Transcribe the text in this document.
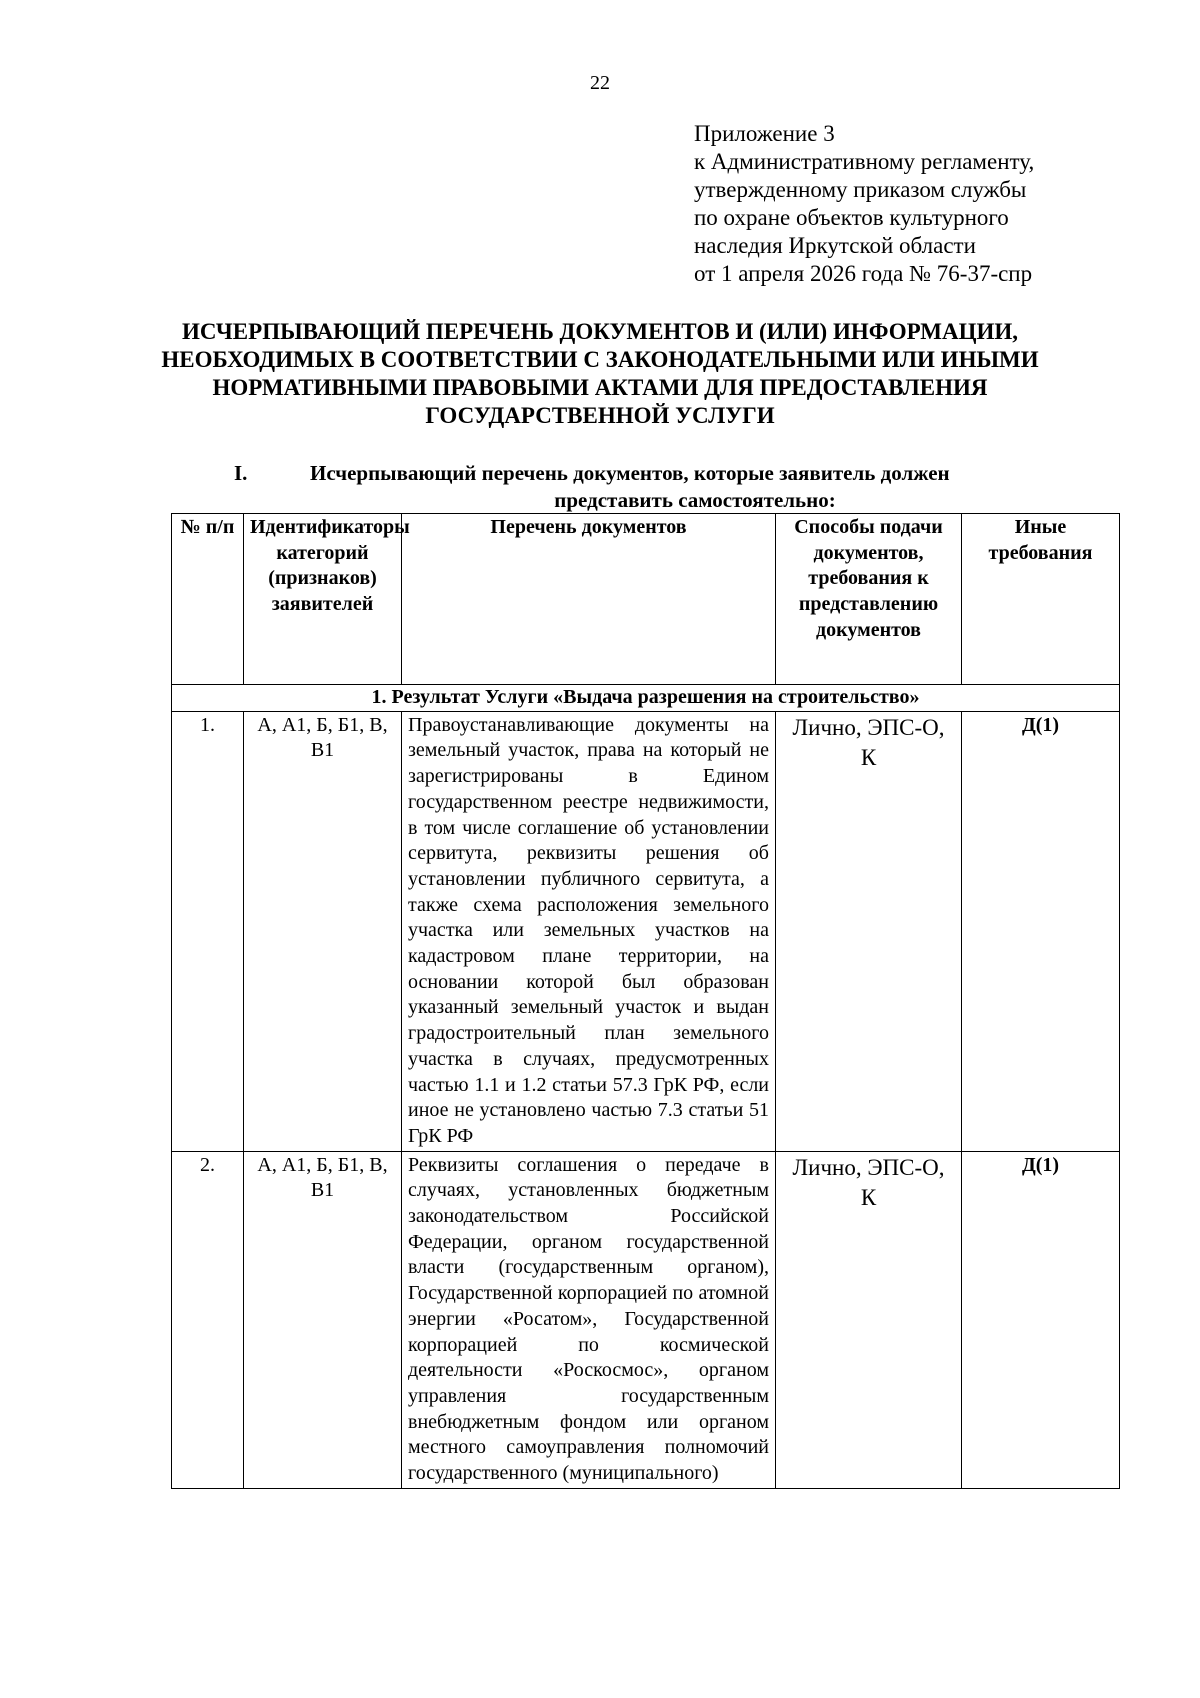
22
Приложение 3
к Административному регламенту,
утвержденному приказом службы
по охране объектов культурного
наследия Иркутской области
от 1 апреля 2026 года № 76-37-спр
ИСЧЕРПЫВАЮЩИЙ ПЕРЕЧЕНЬ ДОКУМЕНТОВ И (ИЛИ) ИНФОРМАЦИИ,
НЕОБХОДИМЫХ В СООТВЕТСТВИИ С ЗАКОНОДАТЕЛЬНЫМИ ИЛИ ИНЫМИ
НОРМАТИВНЫМИ ПРАВОВЫМИ АКТАМИ ДЛЯ ПРЕДОСТАВЛЕНИЯ
ГОСУДАРСТВЕННОЙ УСЛУГИ
I.	Исчерпывающий перечень документов, которые заявитель должен
представить самостоятельно:
№ п/п	Идентификаторы категорий (признаков) заявителей	Перечень документов	Способы подачи документов, требования к представлению документов	Иные требования
1. Результат Услуги «Выдача разрешения на строительство»				
1.	А, А1, Б, Б1, В, В1	Правоустанавливающие документы на земельный участок, права на который не зарегистрированы в Едином государственном реестре недвижимости, в том числе соглашение об установлении сервитута, реквизиты решения об установлении публичного сервитута, а также схема расположения земельного участка или земельных участков на кадастровом плане территории, на основании которой был образован указанный земельный участок и выдан градостроительный план земельного участка в случаях, предусмотренных частью 1.1 и 1.2 статьи 57.3 ГрК РФ, если иное не установлено частью 7.3 статьи 51 ГрК РФ	Лично, ЭПС-О, К	Д(1)
2.	А, А1, Б, Б1, В, В1	Реквизиты соглашения о передаче в случаях, установленных бюджетным законодательством Российской Федерации, органом государственной власти (государственным органом), Государственной корпорацией по атомной энергии «Росатом», Государственной корпорацией по космической деятельности «Роскосмос», органом управления государственным внебюджетным фондом или органом местного самоуправления полномочий государственного (муниципального)	Лично, ЭПС-О, К	Д(1)
